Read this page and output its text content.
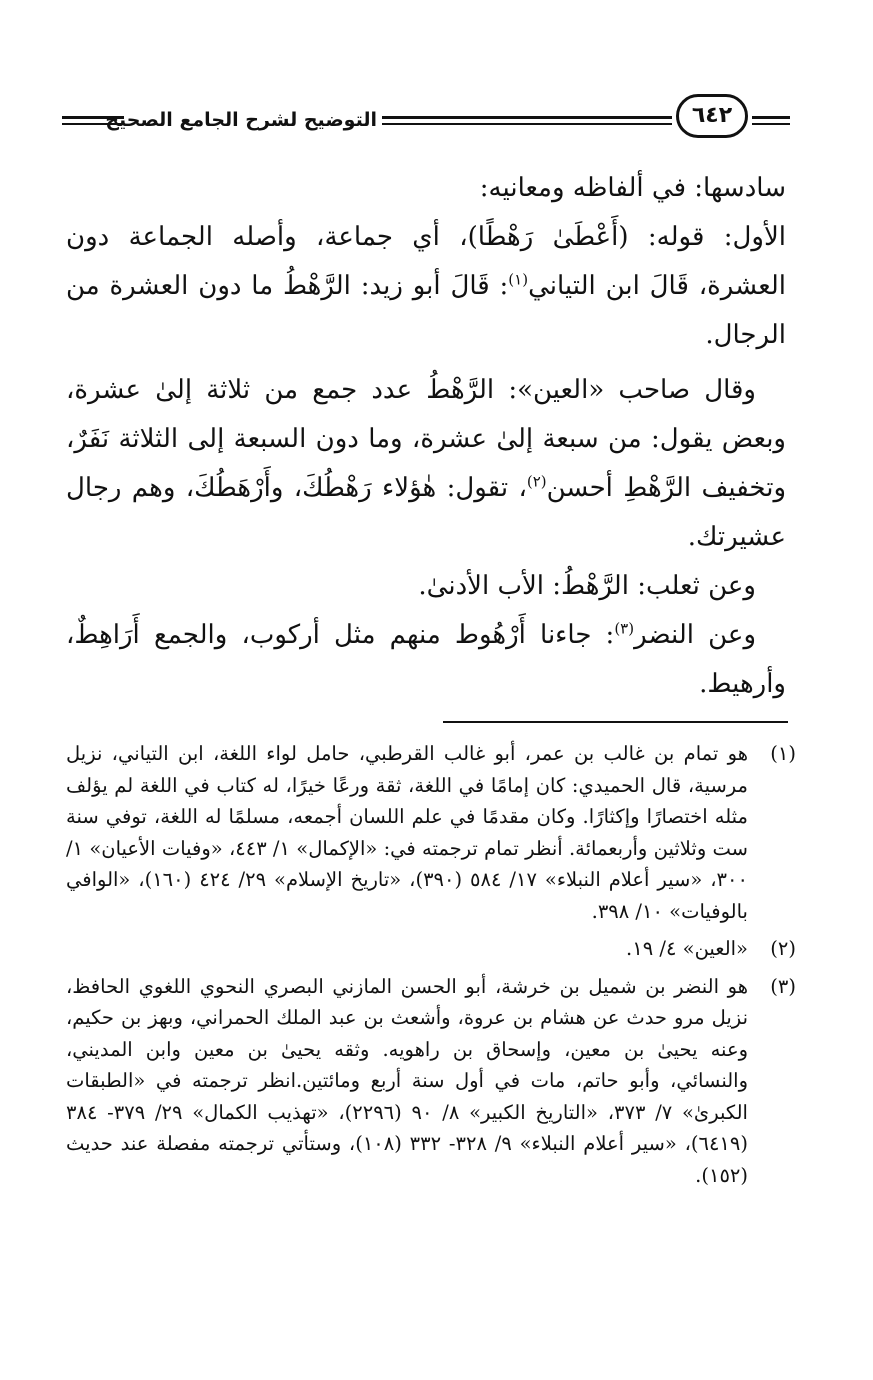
التوضيح لشرح الجامع الصحيح	٦٤٢

سادسها: في ألفاظه ومعانيه:

الأول: قوله: (أَعْطَىٰ رَهْطًا)، أي جماعة، وأصله الجماعة دون العشرة، قَالَ ابن التياني$^{(١)}$: قَالَ أبو زيد: الرَّهْطُ ما دون العشرة من الرجال.

وقال صاحب «العين»: الرَّهْطُ عدد جمع من ثلاثة إلىٰ عشرة، وبعض يقول: من سبعة إلىٰ عشرة، وما دون السبعة إلى الثلاثة نَفَرٌ، وتخفيف الرَّهْطِ أحسن$^{(٢)}$، تقول: هٰؤلاء رَهْطُكَ، وأَرْهَطُكَ، وهم رجال عشيرتك.

وعن ثعلب: الرَّهْطُ: الأب الأدنىٰ.

وعن النضر$^{(٣)}$: جاءنا أَرْهُوط منهم مثل أركوب، والجمع أَرَاهِطٌ، وأرهيط.

(١)
هو تمام بن غالب بن عمر، أبو غالب القرطبي، حامل لواء اللغة، ابن التياني، نزيل مرسية، قال الحميدي: كان إمامًا في اللغة، ثقة ورعًا خيرًا، له كتاب في اللغة لم يؤلف مثله اختصارًا وإكثارًا. وكان مقدمًا في علم اللسان أجمعه، مسلمًا له اللغة، توفي سنة ست وثلاثين وأربعمائة. أنظر تمام ترجمته في: «الإكمال» ١/ ٤٤٣، «وفيات الأعيان» ١/ ٣٠٠، «سير أعلام النبلاء» ١٧/ ٥٨٤ (٣٩٠)، «تاريخ الإسلام» ٢٩/ ٤٢٤ (١٦٠)، «الوافي بالوفيات» ١٠/ ٣٩٨.
(٢)
«العين» ٤/ ١٩.
(٣)
هو النضر بن شميل بن خرشة، أبو الحسن المازني البصري النحوي اللغوي الحافظ، نزيل مرو حدث عن هشام بن عروة، وأشعث بن عبد الملك الحمراني، وبهز بن حكيم، وعنه يحيىٰ بن معين، وإسحاق بن راهويه. وثقه يحيىٰ بن معين وابن المديني، والنسائي، وأبو حاتم، مات في أول سنة أربع ومائتين.انظر ترجمته في «الطبقات الكبرىٰ» ٧/ ٣٧٣، «التاريخ الكبير» ٨/ ٩٠ (٢٢٩٦)، «تهذيب الكمال» ٢٩/ ٣٧٩- ٣٨٤ (٦٤١٩)، «سير أعلام النبلاء» ٩/ ٣٢٨- ٣٣٢ (١٠٨)، وستأتي ترجمته مفصلة عند حديث (١٥٢).
